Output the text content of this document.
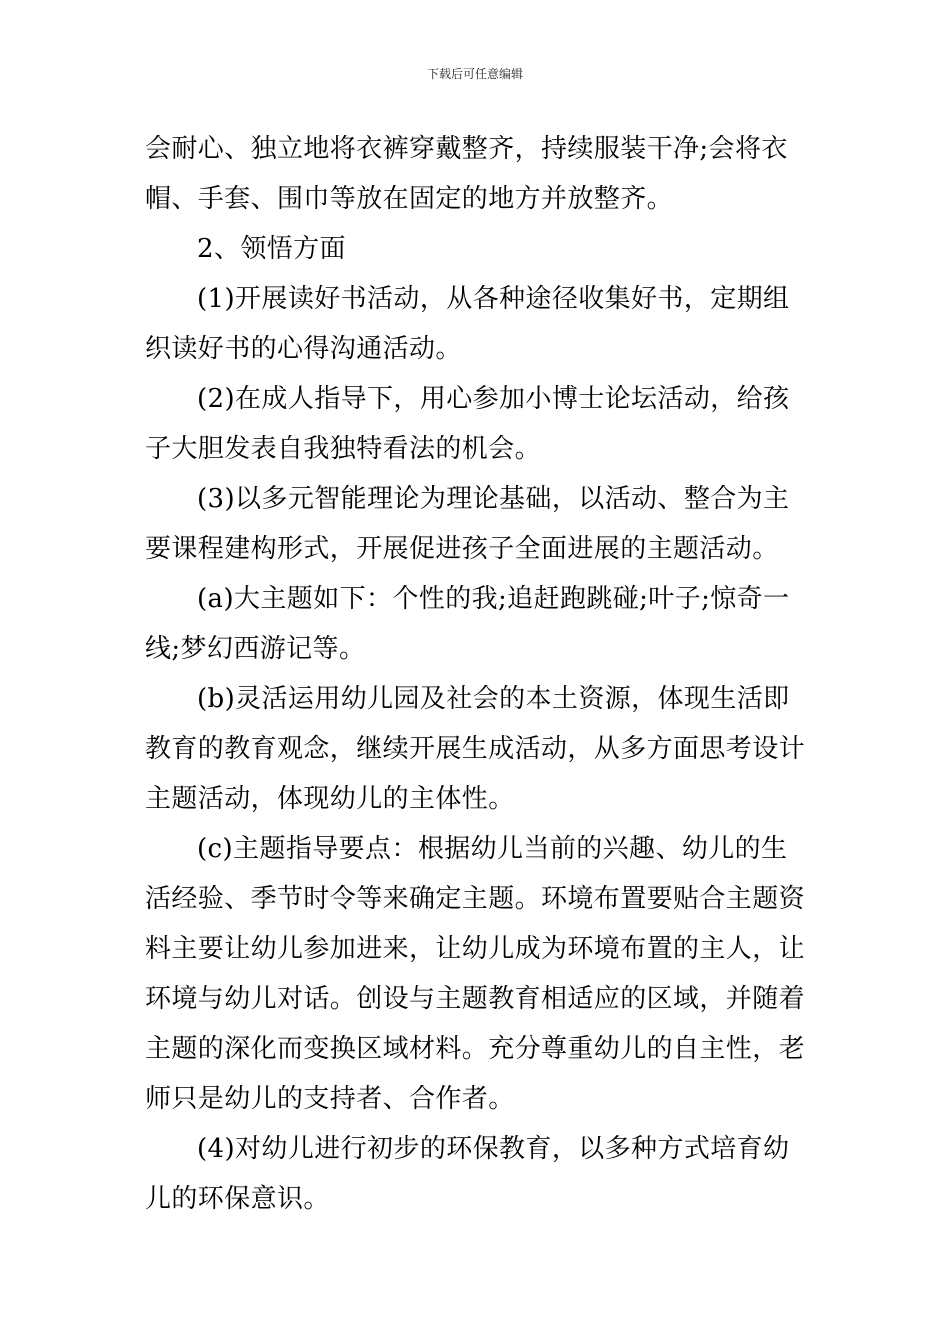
下载后可任意编辑

会耐心、独立地将衣裤穿戴整齐，持续服装干净;会将衣帽、手套、围巾等放在固定的地方并放整齐。

2、领悟方面

(1)开展读好书活动，从各种途径收集好书，定期组织读好书的心得沟通活动。

(2)在成人指导下，用心参加小博士论坛活动，给孩子大胆发表自我独特看法的机会。

(3)以多元智能理论为理论基础，以活动、整合为主要课程建构形式，开展促进孩子全面进展的主题活动。

(a)大主题如下：个性的我;追赶跑跳碰;叶子;惊奇一线;梦幻西游记等。

(b)灵活运用幼儿园及社会的本土资源，体现生活即教育的教育观念，继续开展生成活动，从多方面思考设计主题活动，体现幼儿的主体性。

(c)主题指导要点：根据幼儿当前的兴趣、幼儿的生活经验、季节时令等来确定主题。环境布置要贴合主题资料主要让幼儿参加进来，让幼儿成为环境布置的主人，让环境与幼儿对话。创设与主题教育相适应的区域，并随着主题的深化而变换区域材料。充分尊重幼儿的自主性，老师只是幼儿的支持者、合作者。

(4)对幼儿进行初步的环保教育，以多种方式培育幼儿的环保意识。
